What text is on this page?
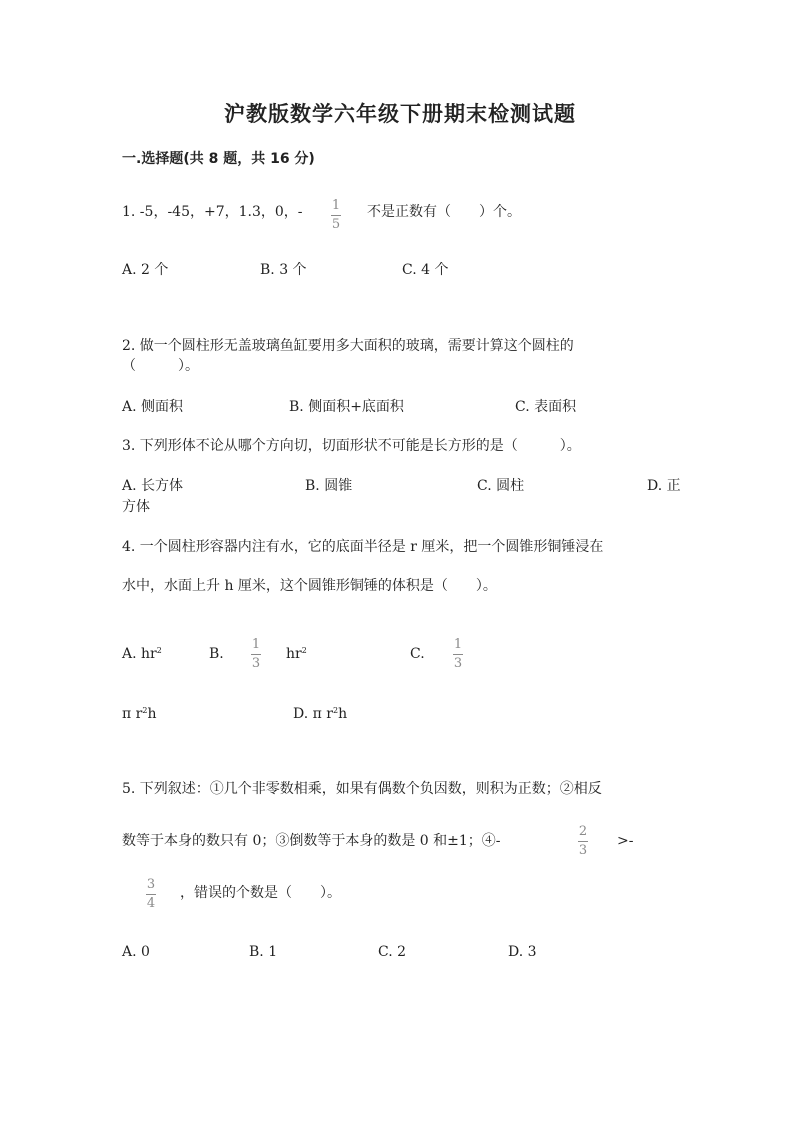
沪教版数学六年级下册期末检测试题
一.选择题(共 8 题，共 16 分)
1. -5，-45，+7，1.3，0，- 1
5
不是正数有（　　）个。
A. 2 个	B. 3 个	C. 4 个
2. 做一个圆柱形无盖玻璃鱼缸要用多大面积的玻璃，需要计算这个圆柱的
（　　　）。
A. 侧面积	B. 侧面积+底面积	C. 表面积
3. 下列形体不论从哪个方向切，切面形状不可能是长方形的是（　　　）。
A. 长方体	B. 圆锥	C. 圆柱	D. 正
方体
4. 一个圆柱形容器内注有水，它的底面半径是 r 厘米，把一个圆锥形铜锤浸在
水中，水面上升 h 厘米，这个圆锥形铜锤的体积是（　　）。
A. $hr^2$	B.
1
3
$hr^2$	C.
1
3
π $r^2h$	D. π $r^2h$
5. 下列叙述：①几个非零数相乘，如果有偶数个负因数，则积为正数；②相反
数等于本身的数只有 0；③倒数等于本身的数是 0 和±1；④-
2
3
>-
3
4
，错误的个数是（　　）。
A. 0	B. 1	C. 2	D. 3
